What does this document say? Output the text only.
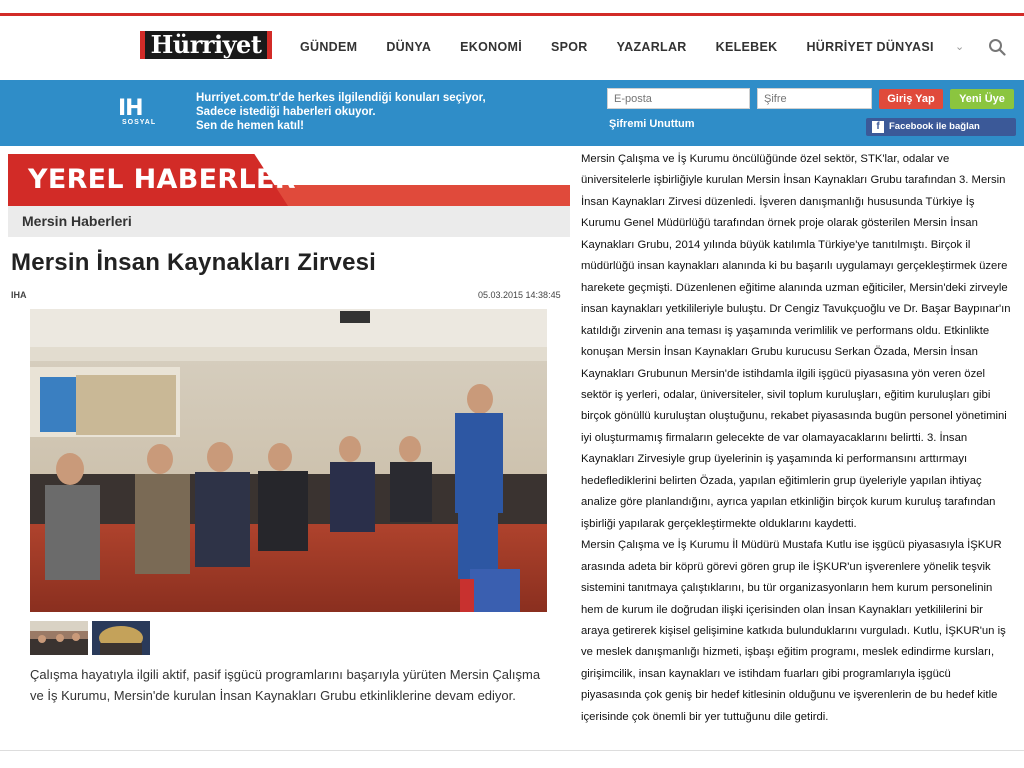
Hürriyet	GÜNDEM DÜNYA EKONOMİ SPOR YAZARLAR KELEBEK HÜRRİYET DÜNYASI ⌄
IH
SOSYAL
Hurriyet.com.tr'de herkes ilgilendiği konuları seçiyor,
Sadece istediği haberleri okuyor.
Sen de hemen katıl!
E-posta
Giriş Yap	Yeni Üye
Şifremi Unuttum	f Facebook ile bağlan
YEREL HABERLER
Mersin Haberleri
Mersin İnsan Kaynakları Zirvesi
IHA	05.03.2015 14:38:45

Çalışma hayatıyla ilgili aktif, pasif işgücü programlarını başarıyla yürüten Mersin Çalışma ve İş Kurumu, Mersin'de kurulan İnsan Kaynakları Grubu etkinliklerine devam ediyor.

Mersin Çalışma ve İş Kurumu öncülüğünde özel sektör, STK'lar, odalar ve üniversitelerle işbirliğiyle kurulan Mersin İnsan Kaynakları Grubu tarafından 3. Mersin İnsan Kaynakları Zirvesi düzenledi. İşveren danışmanlığı hususunda Türkiye İş Kurumu Genel Müdürlüğü tarafından örnek proje olarak gösterilen Mersin İnsan Kaynakları Grubu, 2014 yılında büyük katılımla Türkiye'ye tanıtılmıştı. Birçok il müdürlüğü insan kaynakları alanında ki bu başarılı uygulamayı gerçekleştirmek üzere harekete geçmişti. Düzenlenen eğitime alanında uzman eğiticiler, Mersin'deki zirveyle insan kaynakları yetkilileriyle buluştu. Dr Cengiz Tavukçuoğlu ve Dr. Başar Baypınar'ın katıldığı zirvenin ana teması iş yaşamında verimlilik ve performans oldu. Etkinlikte konuşan Mersin İnsan Kaynakları Grubu kurucusu Serkan Özada, Mersin İnsan Kaynakları Grubunun Mersin'de istihdamla ilgili işgücü piyasasına yön veren özel sektör iş yerleri, odalar, üniversiteler, sivil toplum kuruluşları, eğitim kuruluşları gibi birçok gönüllü kuruluştan oluştuğunu, rekabet piyasasında bugün personel yönetimini iyi oluşturmamış firmaların gelecekte de var olamayacaklarını belirtti. 3. İnsan Kaynakları Zirvesiyle grup üyelerinin iş yaşamında ki performansını arttırmayı hedeflediklerini belirten Özada, yapılan eğitimlerin grup üyeleriyle yapılan ihtiyaç analize göre planlandığını, ayrıca yapılan etkinliğin birçok kurum kuruluş tarafından işbirliği yapılarak gerçekleştirmekte olduklarını kaydetti.

Mersin Çalışma ve İş Kurumu İl Müdürü Mustafa Kutlu ise işgücü piyasasıyla İŞKUR arasında adeta bir köprü görevi gören grup ile İŞKUR'un işverenlere yönelik teşvik sistemini tanıtmaya çalıştıklarını, bu tür organizasyonların hem kurum personelinin hem de kurum ile doğrudan ilişki içerisinden olan İnsan Kaynakları yetkililerini bir araya getirerek kişisel gelişimine katkıda bulunduklarını vurguladı. Kutlu, İŞKUR'un iş ve meslek danışmanlığı hizmeti, işbaşı eğitim programı, meslek edindirme kursları, girişimcilik, insan kaynakları ve istihdam fuarları gibi programlarıyla işgücü piyasasında çok geniş bir hedef kitlesinin olduğunu ve işverenlerin de bu hedef kitle içerisinde çok önemli bir yer tuttuğunu dile getirdi.
